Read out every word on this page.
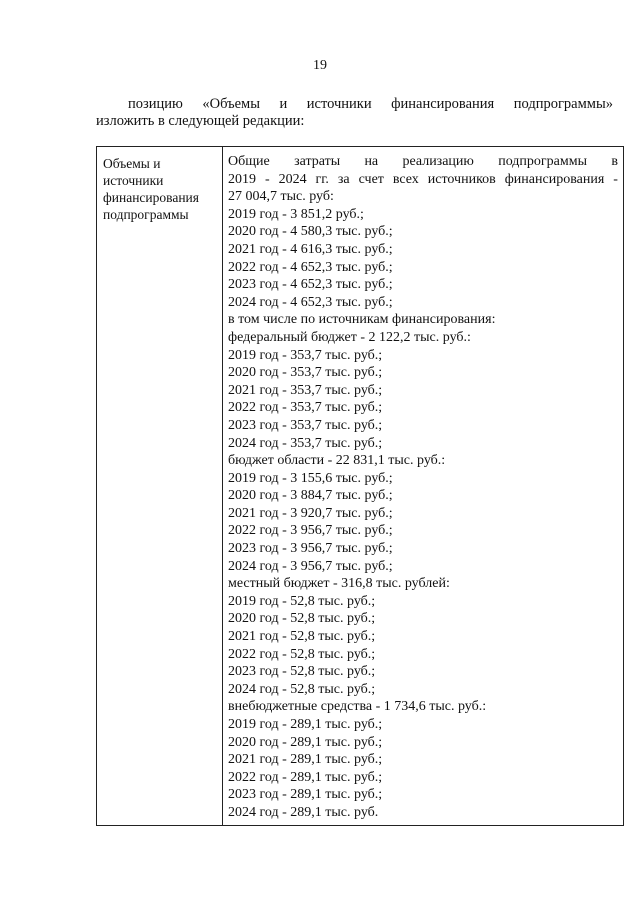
19
позицию «Объемы и источники финансирования подпрограммы»
изложить в следующей редакции:
Объемы и
источники
финансирования
подпрограммы
Общие затраты на реализацию подпрограммы в
2019 - 2024 гг. за счет всех источников финансирования -
27 004,7 тыс. руб:
2019 год - 3 851,2 руб.;
2020 год - 4 580,3 тыс. руб.;
2021 год - 4 616,3 тыс. руб.;
2022 год - 4 652,3 тыс. руб.;
2023 год - 4 652,3 тыс. руб.;
2024 год - 4 652,3 тыс. руб.;
в том числе по источникам финансирования:
федеральный бюджет - 2 122,2 тыс. руб.:
2019 год - 353,7 тыс. руб.;
2020 год - 353,7 тыс. руб.;
2021 год - 353,7 тыс. руб.;
2022 год - 353,7 тыс. руб.;
2023 год - 353,7 тыс. руб.;
2024 год - 353,7 тыс. руб.;
бюджет области - 22 831,1 тыс. руб.:
2019 год - 3 155,6 тыс. руб.;
2020 год - 3 884,7 тыс. руб.;
2021 год - 3 920,7 тыс. руб.;
2022 год - 3 956,7 тыс. руб.;
2023 год - 3 956,7 тыс. руб.;
2024 год - 3 956,7 тыс. руб.;
местный бюджет - 316,8 тыс. рублей:
2019 год - 52,8 тыс. руб.;
2020 год - 52,8 тыс. руб.;
2021 год - 52,8 тыс. руб.;
2022 год - 52,8 тыс. руб.;
2023 год - 52,8 тыс. руб.;
2024 год - 52,8 тыс. руб.;
внебюджетные средства - 1 734,6 тыс. руб.:
2019 год - 289,1 тыс. руб.;
2020 год - 289,1 тыс. руб.;
2021 год - 289,1 тыс. руб.;
2022 год - 289,1 тыс. руб.;
2023 год - 289,1 тыс. руб.;
2024 год - 289,1 тыс. руб.
